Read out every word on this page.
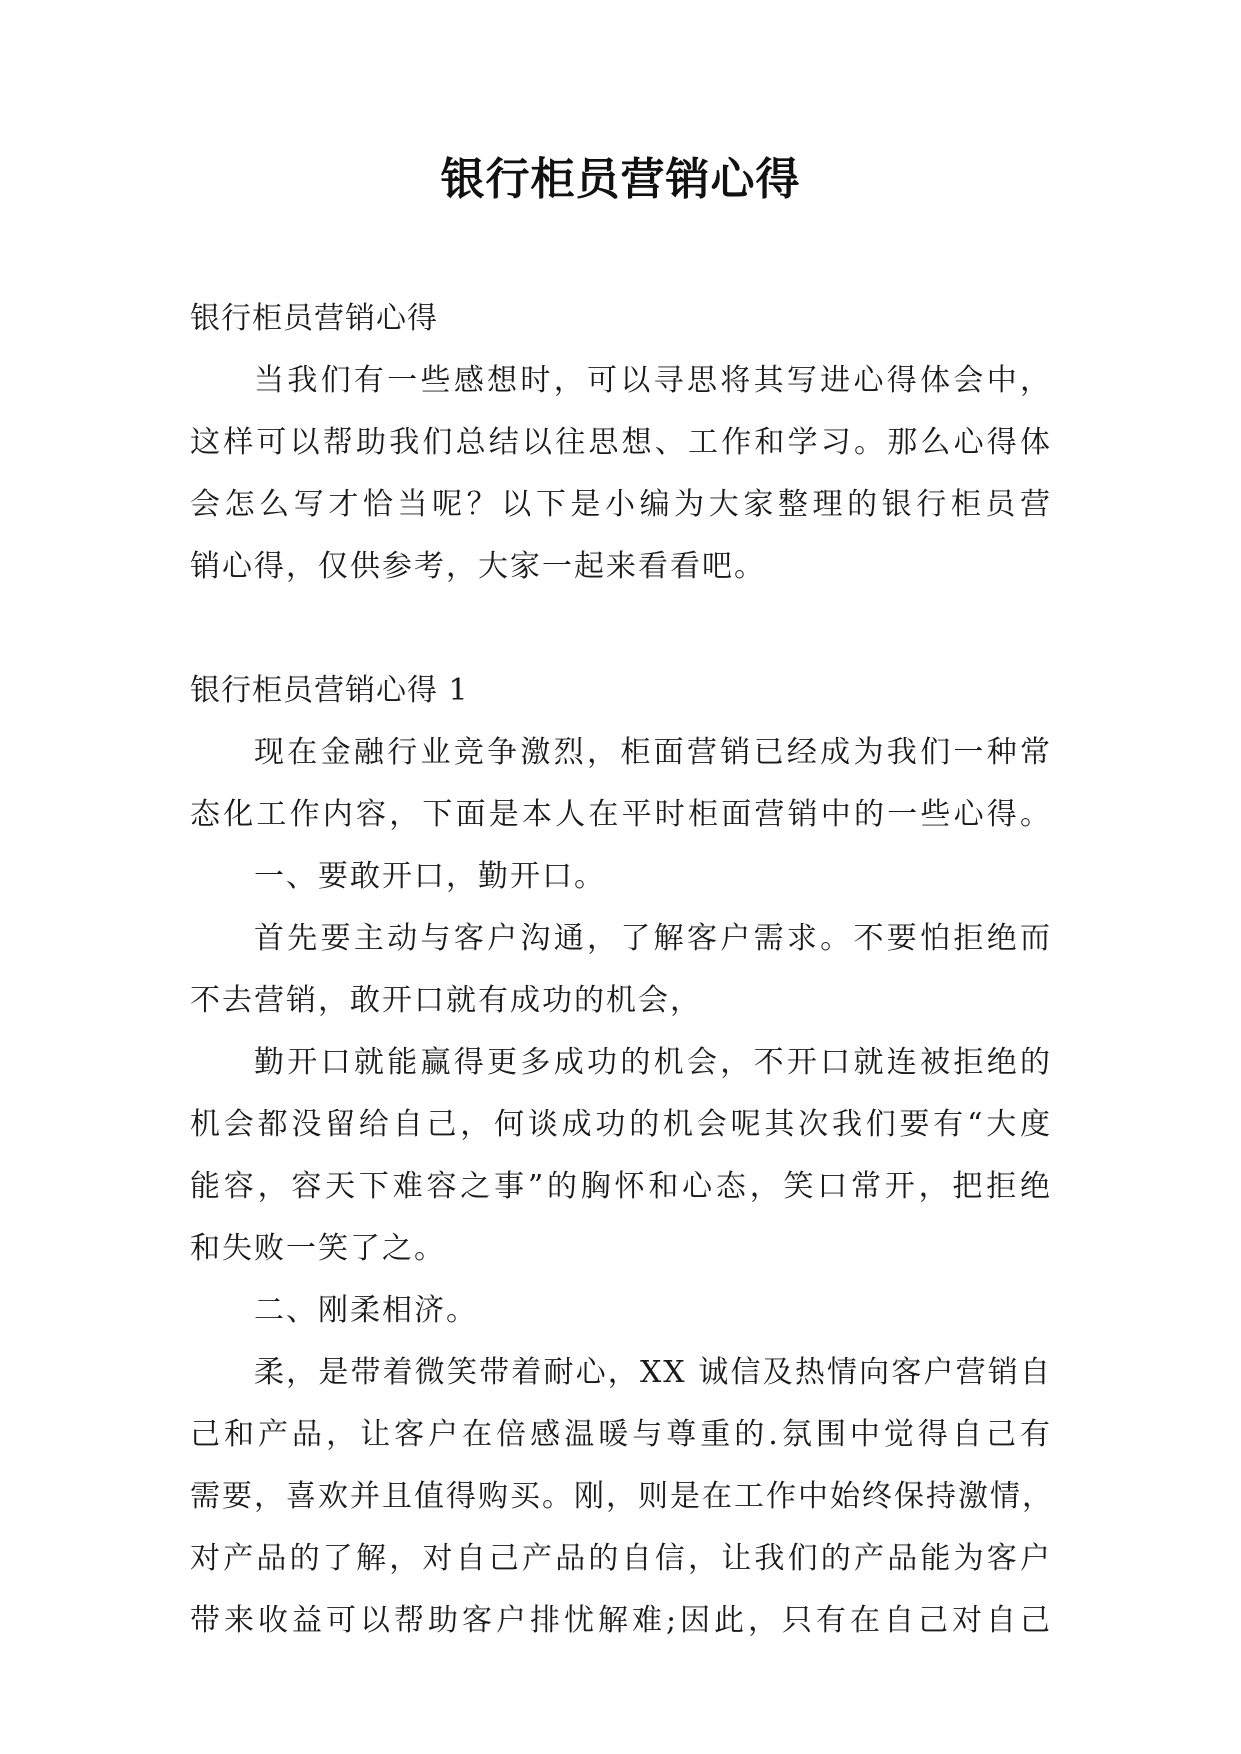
银行柜员营销心得
银行柜员营销心得
当我们有一些感想时，可以寻思将其写进心得体会中，
这样可以帮助我们总结以往思想、工作和学习。那么心得体
会怎么写才恰当呢？以下是小编为大家整理的银行柜员营
销心得，仅供参考，大家一起来看看吧。
银行柜员营销心得 1
现在金融行业竞争激烈，柜面营销已经成为我们一种常
态化工作内容，下面是本人在平时柜面营销中的一些心得。
一、要敢开口，勤开口。
首先要主动与客户沟通，了解客户需求。不要怕拒绝而
不去营销，敢开口就有成功的机会，
勤开口就能赢得更多成功的机会，不开口就连被拒绝的
机会都没留给自己，何谈成功的机会呢其次我们要有“大度
能容，容天下难容之事”的胸怀和心态，笑口常开，把拒绝
和失败一笑了之。
二、刚柔相济。
柔，是带着微笑带着耐心，XX 诚信及热情向客户营销自
己和产品，让客户在倍感温暖与尊重的.氛围中觉得自己有
需要，喜欢并且值得购买。刚，则是在工作中始终保持激情，
对产品的了解，对自己产品的自信，让我们的产品能为客户
带来收益可以帮助客户排忧解难;因此，只有在自己对自己
